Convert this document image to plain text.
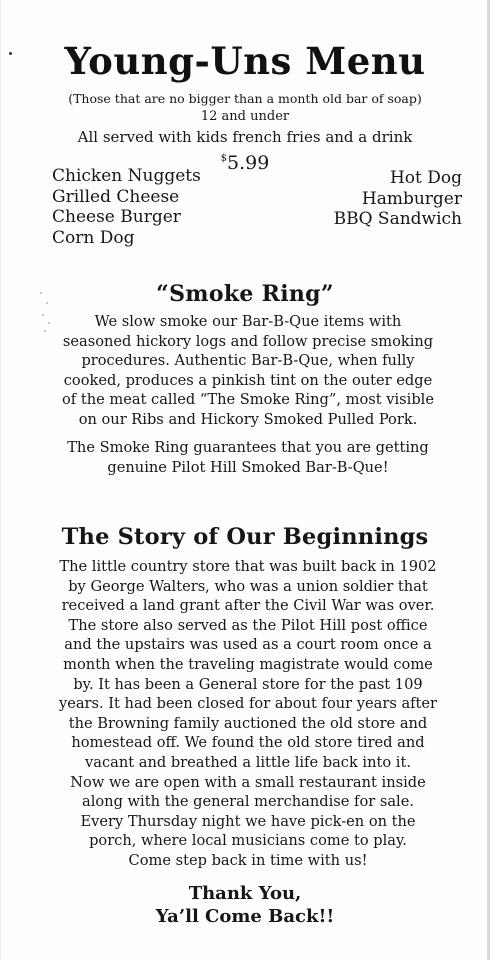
Young-Uns Menu
(Those that are no bigger than a month old bar of soap)
12 and under
All served with kids french fries and a drink
$5.99
Chicken Nuggets
Grilled Cheese
Cheese Burger
Corn Dog
Hot Dog
Hamburger
BBQ Sandwich
“Smoke Ring”
We slow smoke our Bar-B-Que items with
seasoned hickory logs and follow precise smoking
procedures. Authentic Bar-B-Que, when fully
cooked, produces a pinkish tint on the outer edge
of the meat called “The Smoke Ring”, most visible
on our Ribs and Hickory Smoked Pulled Pork.
The Smoke Ring guarantees that you are getting
genuine Pilot Hill Smoked Bar-B-Que!
The Story of Our Beginnings
The little country store that was built back in 1902
by George Walters, who was a union soldier that
received a land grant after the Civil War was over.
The store also served as the Pilot Hill post office
and the upstairs was used as a court room once a
month when the traveling magistrate would come
by. It has been a General store for the past 109
years. It had been closed for about four years after
the Browning family auctioned the old store and
homestead off. We found the old store tired and
vacant and breathed a little life back into it.
Now we are open with a small restaurant inside
along with the general merchandise for sale.
Every Thursday night we have pick-en on the
porch, where local musicians come to play.
Come step back in time with us!
Thank You,
Ya’ll Come Back!!
